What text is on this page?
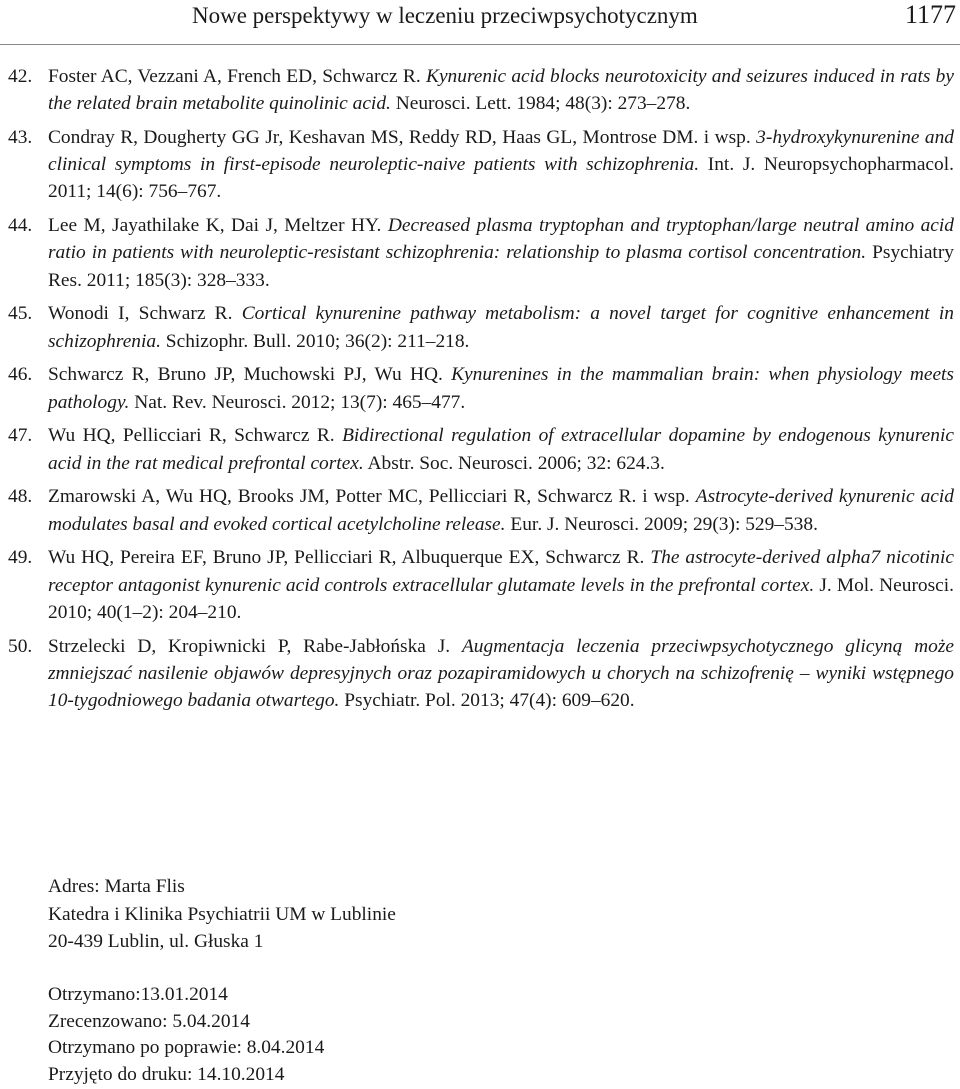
Nowe perspektywy w leczeniu przeciwpsychotycznym	1177
42. Foster AC, Vezzani A, French ED, Schwarcz R. Kynurenic acid blocks neurotoxicity and seizures induced in rats by the related brain metabolite quinolinic acid. Neurosci. Lett. 1984; 48(3): 273–278.
43. Condray R, Dougherty GG Jr, Keshavan MS, Reddy RD, Haas GL, Montrose DM. i wsp. 3-hydroxykynurenine and clinical symptoms in first-episode neuroleptic-naive patients with schizophrenia. Int. J. Neuropsychopharmacol. 2011; 14(6): 756–767.
44. Lee M, Jayathilake K, Dai J, Meltzer HY. Decreased plasma tryptophan and tryptophan/large neutral amino acid ratio in patients with neuroleptic-resistant schizophrenia: relationship to plasma cortisol concentration. Psychiatry Res. 2011; 185(3): 328–333.
45. Wonodi I, Schwarz R. Cortical kynurenine pathway metabolism: a novel target for cognitive enhancement in schizophrenia. Schizophr. Bull. 2010; 36(2): 211–218.
46. Schwarcz R, Bruno JP, Muchowski PJ, Wu HQ. Kynurenines in the mammalian brain: when physiology meets pathology. Nat. Rev. Neurosci. 2012; 13(7): 465–477.
47. Wu HQ, Pellicciari R, Schwarcz R. Bidirectional regulation of extracellular dopamine by endogenous kynurenic acid in the rat medical prefrontal cortex. Abstr. Soc. Neurosci. 2006; 32: 624.3.
48. Zmarowski A, Wu HQ, Brooks JM, Potter MC, Pellicciari R, Schwarcz R. i wsp. Astrocyte-derived kynurenic acid modulates basal and evoked cortical acetylcholine release. Eur. J. Neurosci. 2009; 29(3): 529–538.
49. Wu HQ, Pereira EF, Bruno JP, Pellicciari R, Albuquerque EX, Schwarcz R. The astrocyte-derived alpha7 nicotinic receptor antagonist kynurenic acid controls extracellular glutamate levels in the prefrontal cortex. J. Mol. Neurosci. 2010; 40(1–2): 204–210.
50. Strzelecki D, Kropiwnicki P, Rabe-Jabłońska J. Augmentacja leczenia przeciwpsychotycznego glicyną może zmniejszać nasilenie objawów depresyjnych oraz pozapiramidowych u chorych na schizofrenię – wyniki wstępnego 10-tygodniowego badania otwartego. Psychiatr. Pol. 2013; 47(4): 609–620.
Adres: Marta Flis
Katedra i Klinika Psychiatrii UM w Lublinie
20-439 Lublin, ul. Głuska 1
Otrzymano:13.01.2014
Zrecenzowano: 5.04.2014
Otrzymano po poprawie: 8.04.2014
Przyjęto do druku: 14.10.2014
